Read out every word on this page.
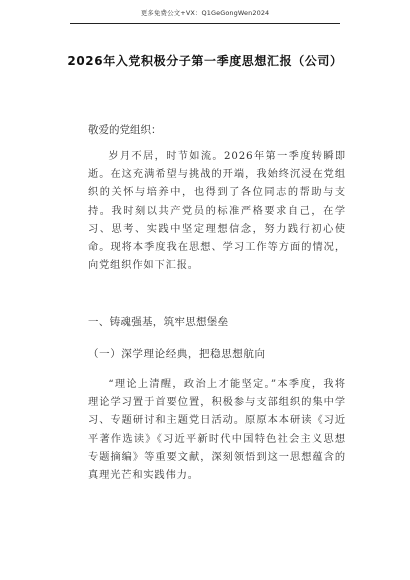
更多免费公文+VX：Q1GeGongWen2024
2026年入党积极分子第一季度思想汇报（公司）
敬爱的党组织：

岁月不居，时节如流。2026年第一季度转瞬即逝。在这充满希望与挑战的开端，我始终沉浸在党组织的关怀与培养中，也得到了各位同志的帮助与支持。我时刻以共产党员的标准严格要求自己，在学习、思考、实践中坚定理想信念，努力践行初心使命。现将本季度我在思想、学习工作等方面的情况，向党组织作如下汇报。

一、铸魂强基，筑牢思想堡垒
（一）深学理论经典，把稳思想航向

“理论上清醒，政治上才能坚定。”本季度，我将理论学习置于首要位置，积极参与支部组织的集中学习、专题研讨和主题党日活动。原原本本研读《习近平著作选读》《习近平新时代中国特色社会主义思想专题摘编》等重要文献，深刻领悟到这一思想蕴含的真理光芒和实践伟力。
